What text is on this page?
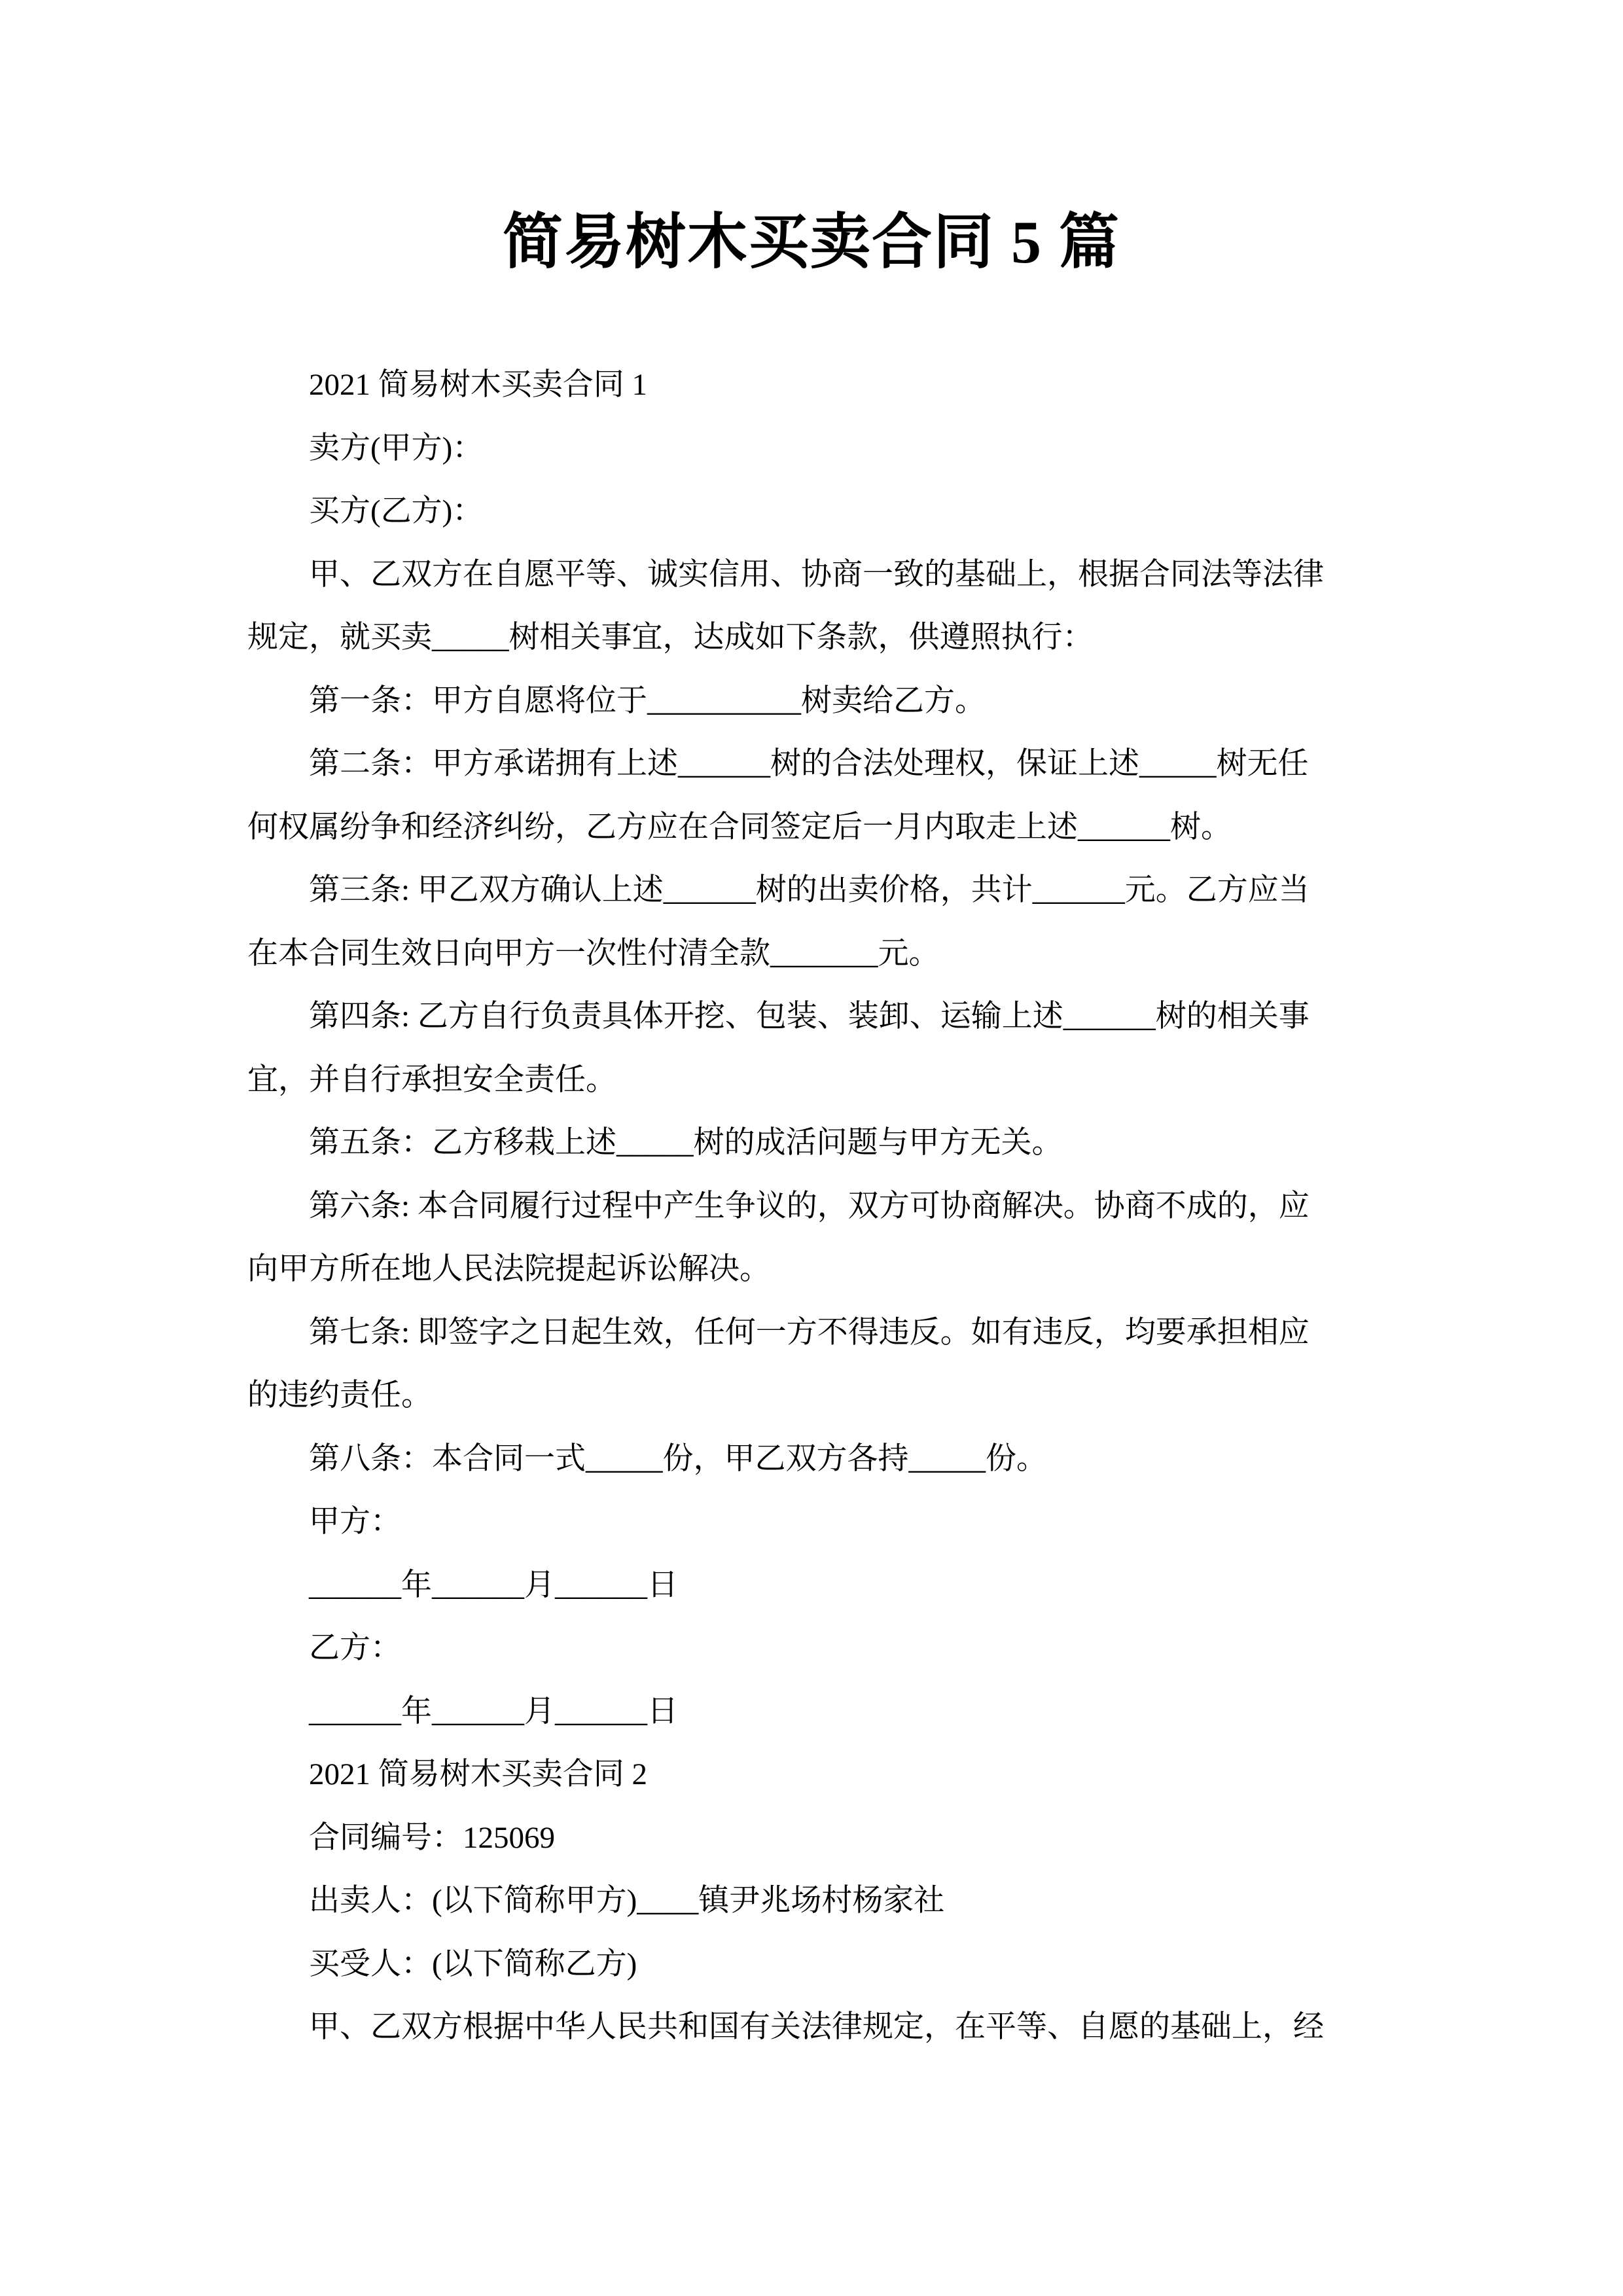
简易树木买卖合同 5 篇
2021 简易树木买卖合同 1
卖方(甲方)：
买方(乙方)：
甲、乙双方在自愿平等、诚实信用、协商一致的基础上，根据合同法等法律
规定，就买卖_____树相关事宜，达成如下条款，供遵照执行：
第一条：甲方自愿将位于__________树卖给乙方。
第二条：甲方承诺拥有上述______树的合法处理权，保证上述_____树无任
何权属纷争和经济纠纷，乙方应在合同签定后一月内取走上述______树。
第三条: 甲乙双方确认上述______树的出卖价格，共计______元。乙方应当
在本合同生效日向甲方一次性付清全款_______元。
第四条: 乙方自行负责具体开挖、包装、装卸、运输上述______树的相关事
宜，并自行承担安全责任。
第五条：乙方移栽上述_____树的成活问题与甲方无关。
第六条: 本合同履行过程中产生争议的，双方可协商解决。协商不成的，应
向甲方所在地人民法院提起诉讼解决。
第七条: 即签字之日起生效，任何一方不得违反。如有违反，均要承担相应
的违约责任。
第八条：本合同一式_____份，甲乙双方各持_____份。
甲方：
______年______月______日
乙方：
______年______月______日
2021 简易树木买卖合同 2
合同编号：125069
出卖人：(以下简称甲方)____镇尹兆场村杨家社
买受人：(以下简称乙方)
甲、乙双方根据中华人民共和国有关法律规定，在平等、自愿的基础上，经
